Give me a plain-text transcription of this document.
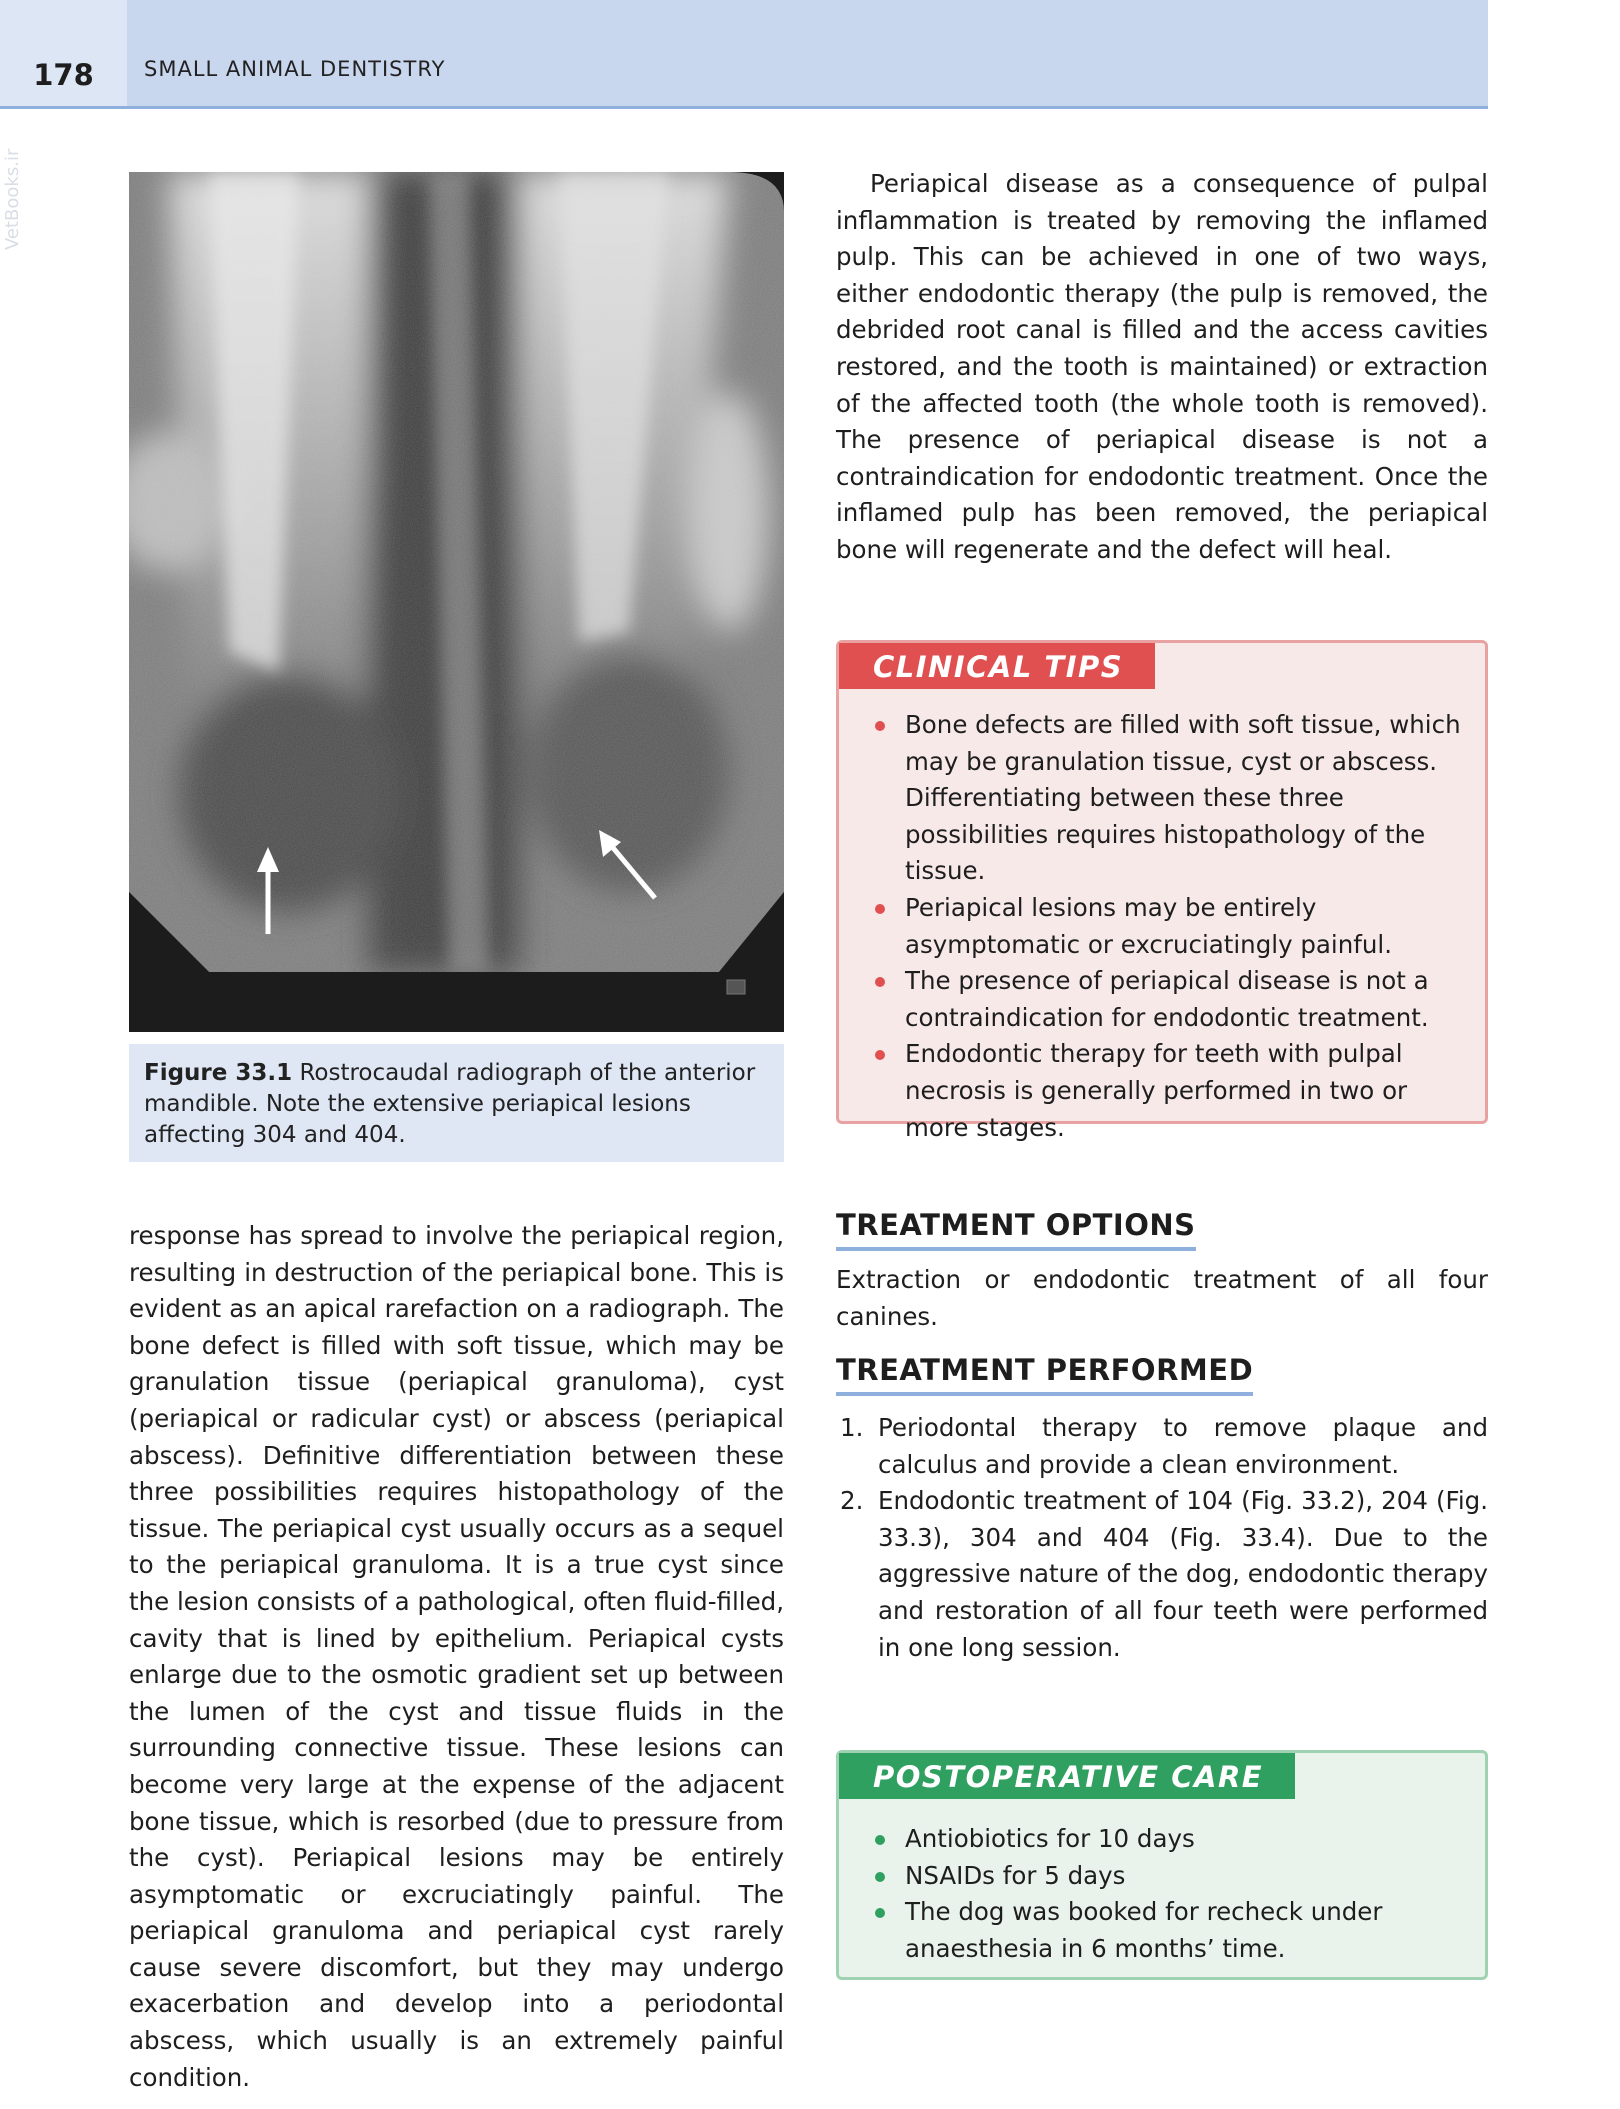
178	SMALL ANIMAL DENTISTRY
VetBooks.ir
Figure 33.1 Rostrocaudal radiograph of the anterior mandible. Note the extensive periapical lesions affecting 304 and 404.

response has spread to involve the periapical region, resulting in destruction of the periapical bone. This is evident as an apical rarefaction on a radiograph. The bone defect is filled with soft tissue, which may be granulation tissue (periapical granuloma), cyst (periapical or radicular cyst) or abscess (periapical abscess). Definitive differentiation between these three possibilities requires histopathology of the tissue. The periapical cyst usually occurs as a sequel to the periapical granuloma. It is a true cyst since the lesion consists of a pathological, often fluid-filled, cavity that is lined by epithelium. Periapical cysts enlarge due to the osmotic gradient set up between the lumen of the cyst and tissue fluids in the surrounding connective tissue. These lesions can become very large at the expense of the adjacent bone tissue, which is resorbed (due to pressure from the cyst). Periapical lesions may be entirely asymptomatic or excruciatingly painful. The periapical granuloma and periapical cyst rarely cause severe discomfort, but they may undergo exacerbation and develop into a periodontal abscess, which usually is an extremely painful condition.

Periapical disease as a consequence of pulpal inflammation is treated by removing the inflamed pulp. This can be achieved in one of two ways, either endodontic therapy (the pulp is removed, the debrided root canal is filled and the access cavities restored, and the tooth is maintained) or extraction of the affected tooth (the whole tooth is removed). The presence of periapical disease is not a contraindication for endodontic treatment. Once the inflamed pulp has been removed, the periapical bone will regenerate and the defect will heal.

CLINICAL TIPS
Bone defects are filled with soft tissue, which may be granulation tissue, cyst or abscess. Differentiating between these three possibilities requires histopathology of the tissue.
Periapical lesions may be entirely asymptomatic or excruciatingly painful.
The presence of periapical disease is not a contraindication for endodontic treatment.
Endodontic therapy for teeth with pulpal necrosis is generally performed in two or more stages.
TREATMENT OPTIONS

Extraction or endodontic treatment of all four canines.

TREATMENT PERFORMED
1. Periodontal therapy to remove plaque and calculus and provide a clean environment.
2. Endodontic treatment of 104 (Fig. 33.2), 204 (Fig. 33.3), 304 and 404 (Fig. 33.4). Due to the aggressive nature of the dog, endodontic therapy and restoration of all four teeth were performed in one long session.
POSTOPERATIVE CARE
Antiobiotics for 10 days
NSAIDs for 5 days
The dog was booked for recheck under anaesthesia in 6 months’ time.
